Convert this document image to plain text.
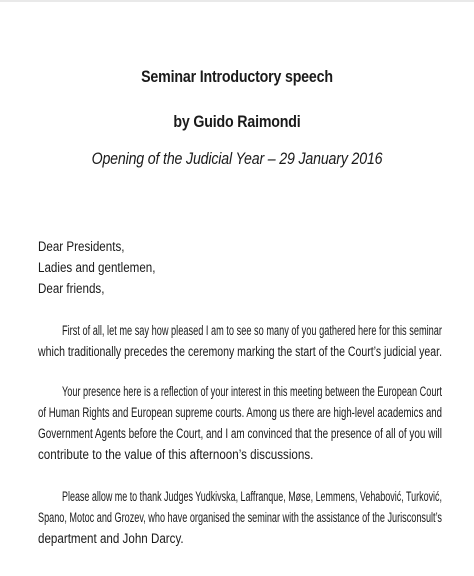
Seminar Introductory speech
by Guido Raimondi
Opening of the Judicial Year – 29 January 2016
Dear Presidents,
Ladies and gentlemen,
Dear friends,
First of all, let me say how pleased I am to see so many of you gathered here for this seminar
which traditionally precedes the ceremony marking the start of the Court’s judicial year.
Your presence here is a reflection of your interest in this meeting between the European Court
of Human Rights and European supreme courts. Among us there are high-level academics and
Government Agents before the Court, and I am convinced that the presence of all of you will
contribute to the value of this afternoon’s discussions.
Please allow me to thank Judges Yudkivska, Laffranque, Møse, Lemmens, Vehabović, Turković,
Spano, Motoc and Grozev, who have organised the seminar with the assistance of the Jurisconsult’s
department and John Darcy.
